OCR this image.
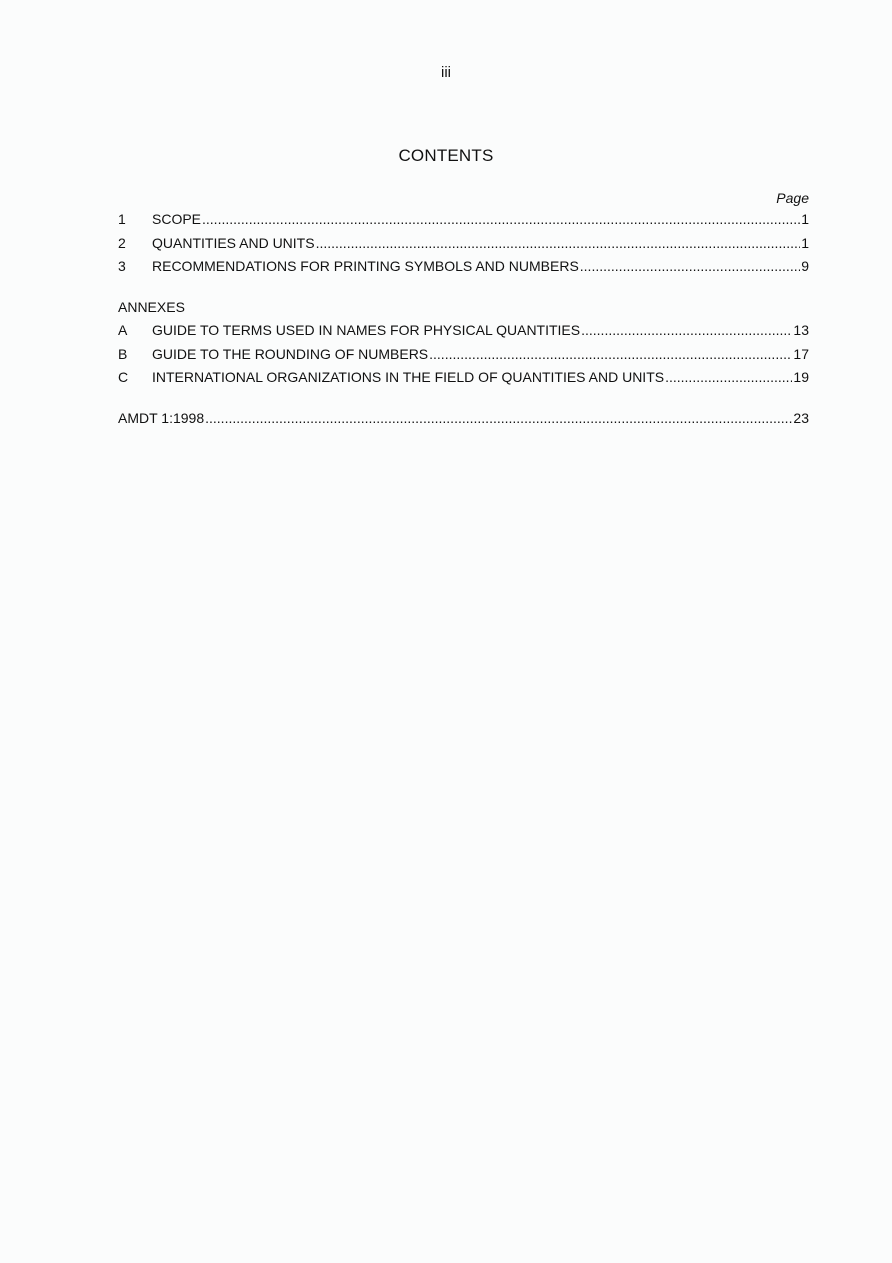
iii
CONTENTS
Page
1	SCOPE .....	1
2	QUANTITIES AND UNITS .....	1
3	RECOMMENDATIONS FOR PRINTING SYMBOLS AND NUMBERS .....	9
ANNEXES
A	GUIDE TO TERMS USED IN NAMES FOR PHYSICAL QUANTITIES .....	13
B	GUIDE TO THE ROUNDING OF NUMBERS .....	17
C	INTERNATIONAL ORGANIZATIONS IN THE FIELD OF QUANTITIES AND UNITS .....	19
AMDT 1:1998 .....	23
